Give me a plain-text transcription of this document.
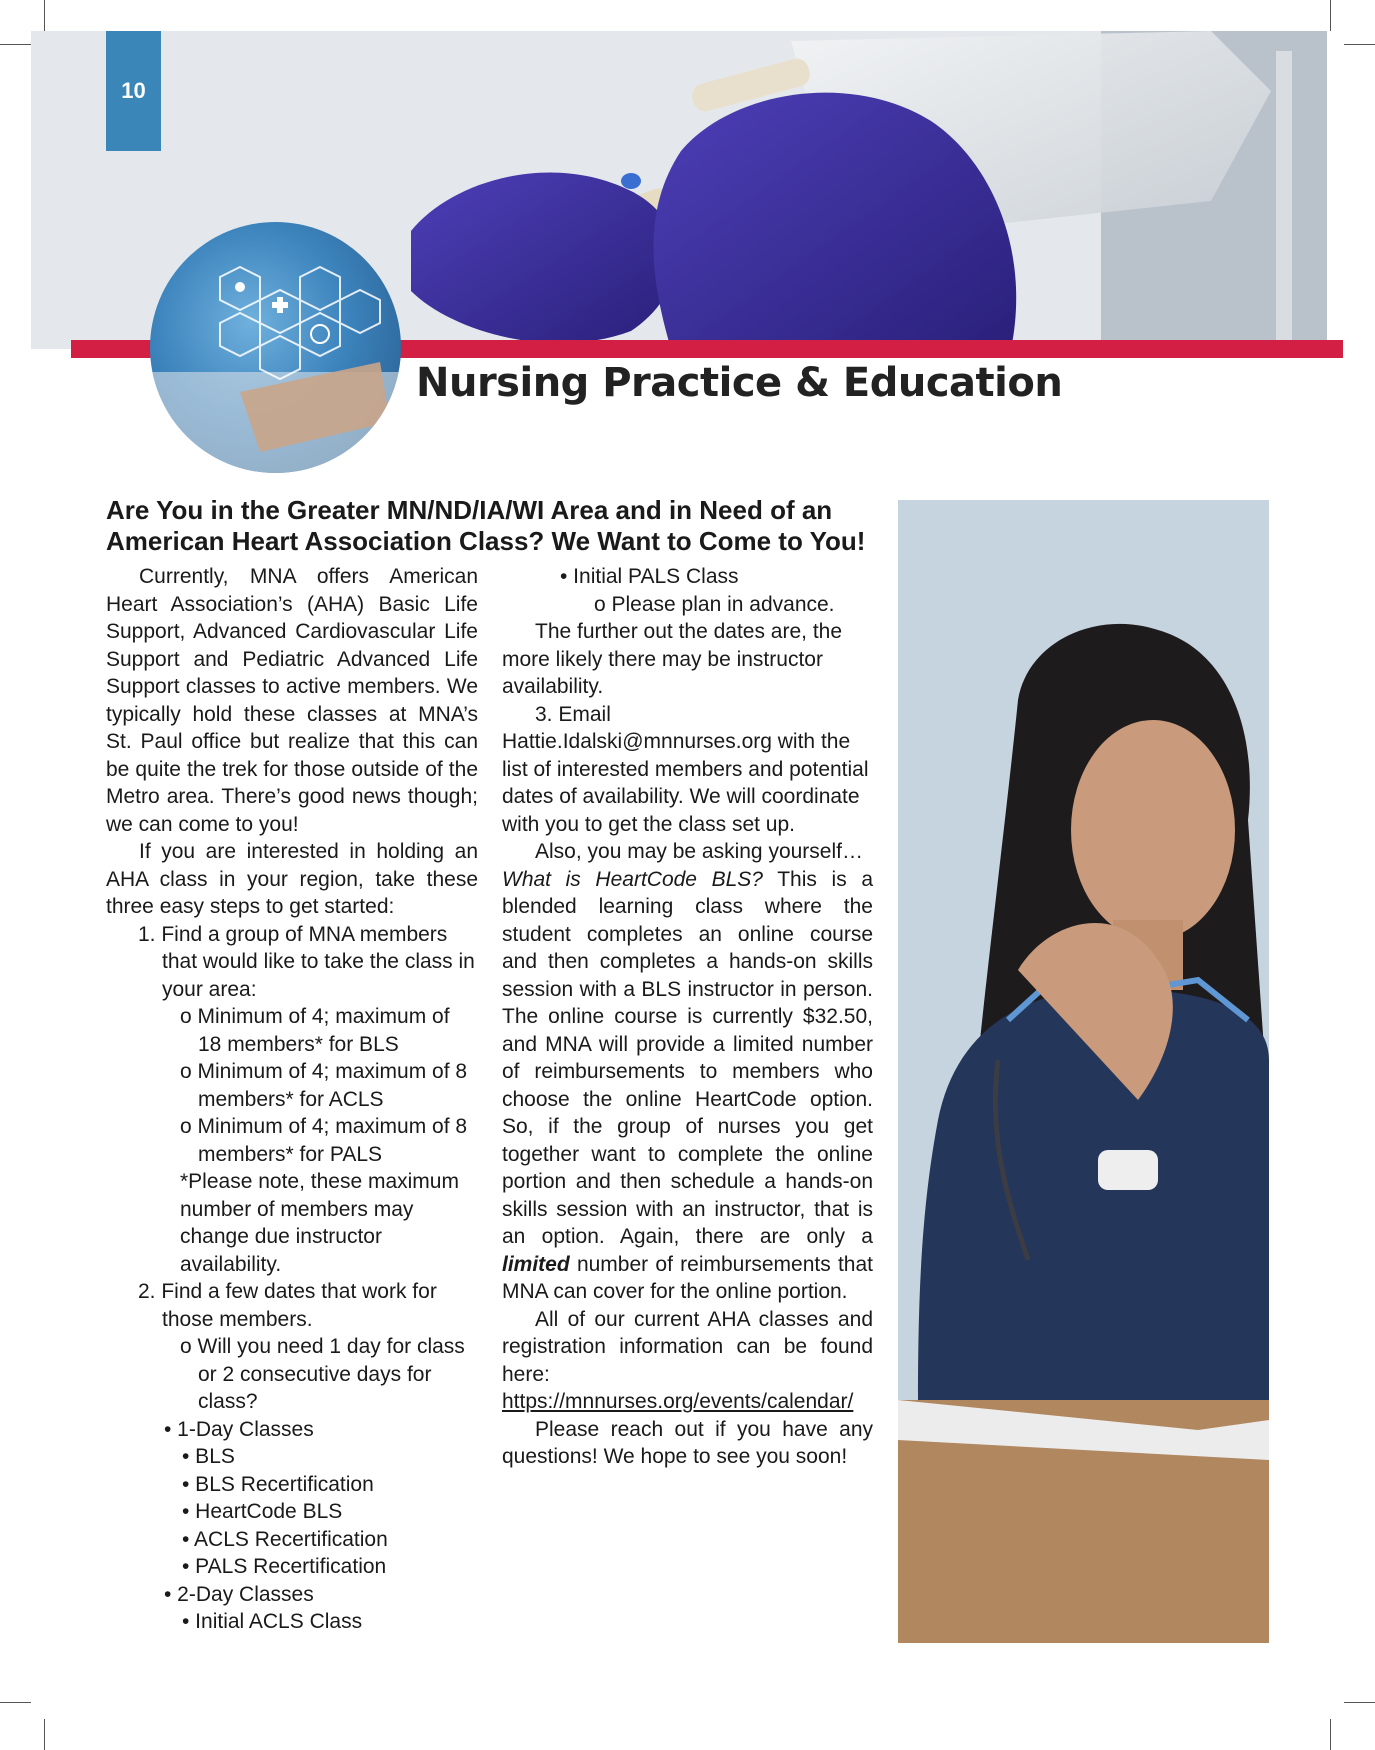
10
Nursing Practice & Education
Are You in the Greater MN/ND/IA/WI Area and in Need of an American Heart Association Class? We Want to Come to You!

Currently, MNA offers American Heart Association’s (AHA) Basic Life Support, Advanced Cardiovascular Life Support and Pediatric Advanced Life Support classes to active members. We typically hold these classes at MNA’s St. Paul office but realize that this can be quite the trek for those outside of the Metro area. There’s good news though; we can come to you!

If you are interested in holding an AHA class in your region, take these three easy steps to get started:

1. Find a group of MNA members that would like to take the class in your area:

o Minimum of 4; maximum of 18 members* for BLS

o Minimum of 4; maximum of 8 members* for ACLS

o Minimum of 4; maximum of 8 members* for PALS

*Please note, these maximum number of members may change due instructor availability.

2. Find a few dates that work for those members.

o Will you need 1 day for class or 2 consecutive days for class?

• 1-Day Classes

• BLS

• BLS Recertification

• HeartCode BLS

• ACLS Recertification

• PALS Recertification

• 2-Day Classes

• Initial ACLS Class

• Initial PALS Class

o Please plan in advance.

The further out the dates are, the more likely there may be instructor availability.

3. Email Hattie.Idalski@mnnurses.org with the list of interested members and potential dates of availability. We will coordinate with you to get the class set up.

Also, you may be asking yourself…

What is HeartCode BLS? This is a blended learning class where the student completes an online course and then completes a hands-on skills session with a BLS instructor in person. The online course is currently $32.50, and MNA will provide a limited number of reimbursements to members who choose the online HeartCode option. So, if the group of nurses you get together want to complete the online portion and then schedule a hands-on skills session with an instructor, that is an option. Again, there are only a limited number of reimbursements that MNA can cover for the online portion.

All of our current AHA classes and registration information can be found here: https://mnnurses.org/events/calendar/

Please reach out if you have any questions! We hope to see you soon!
